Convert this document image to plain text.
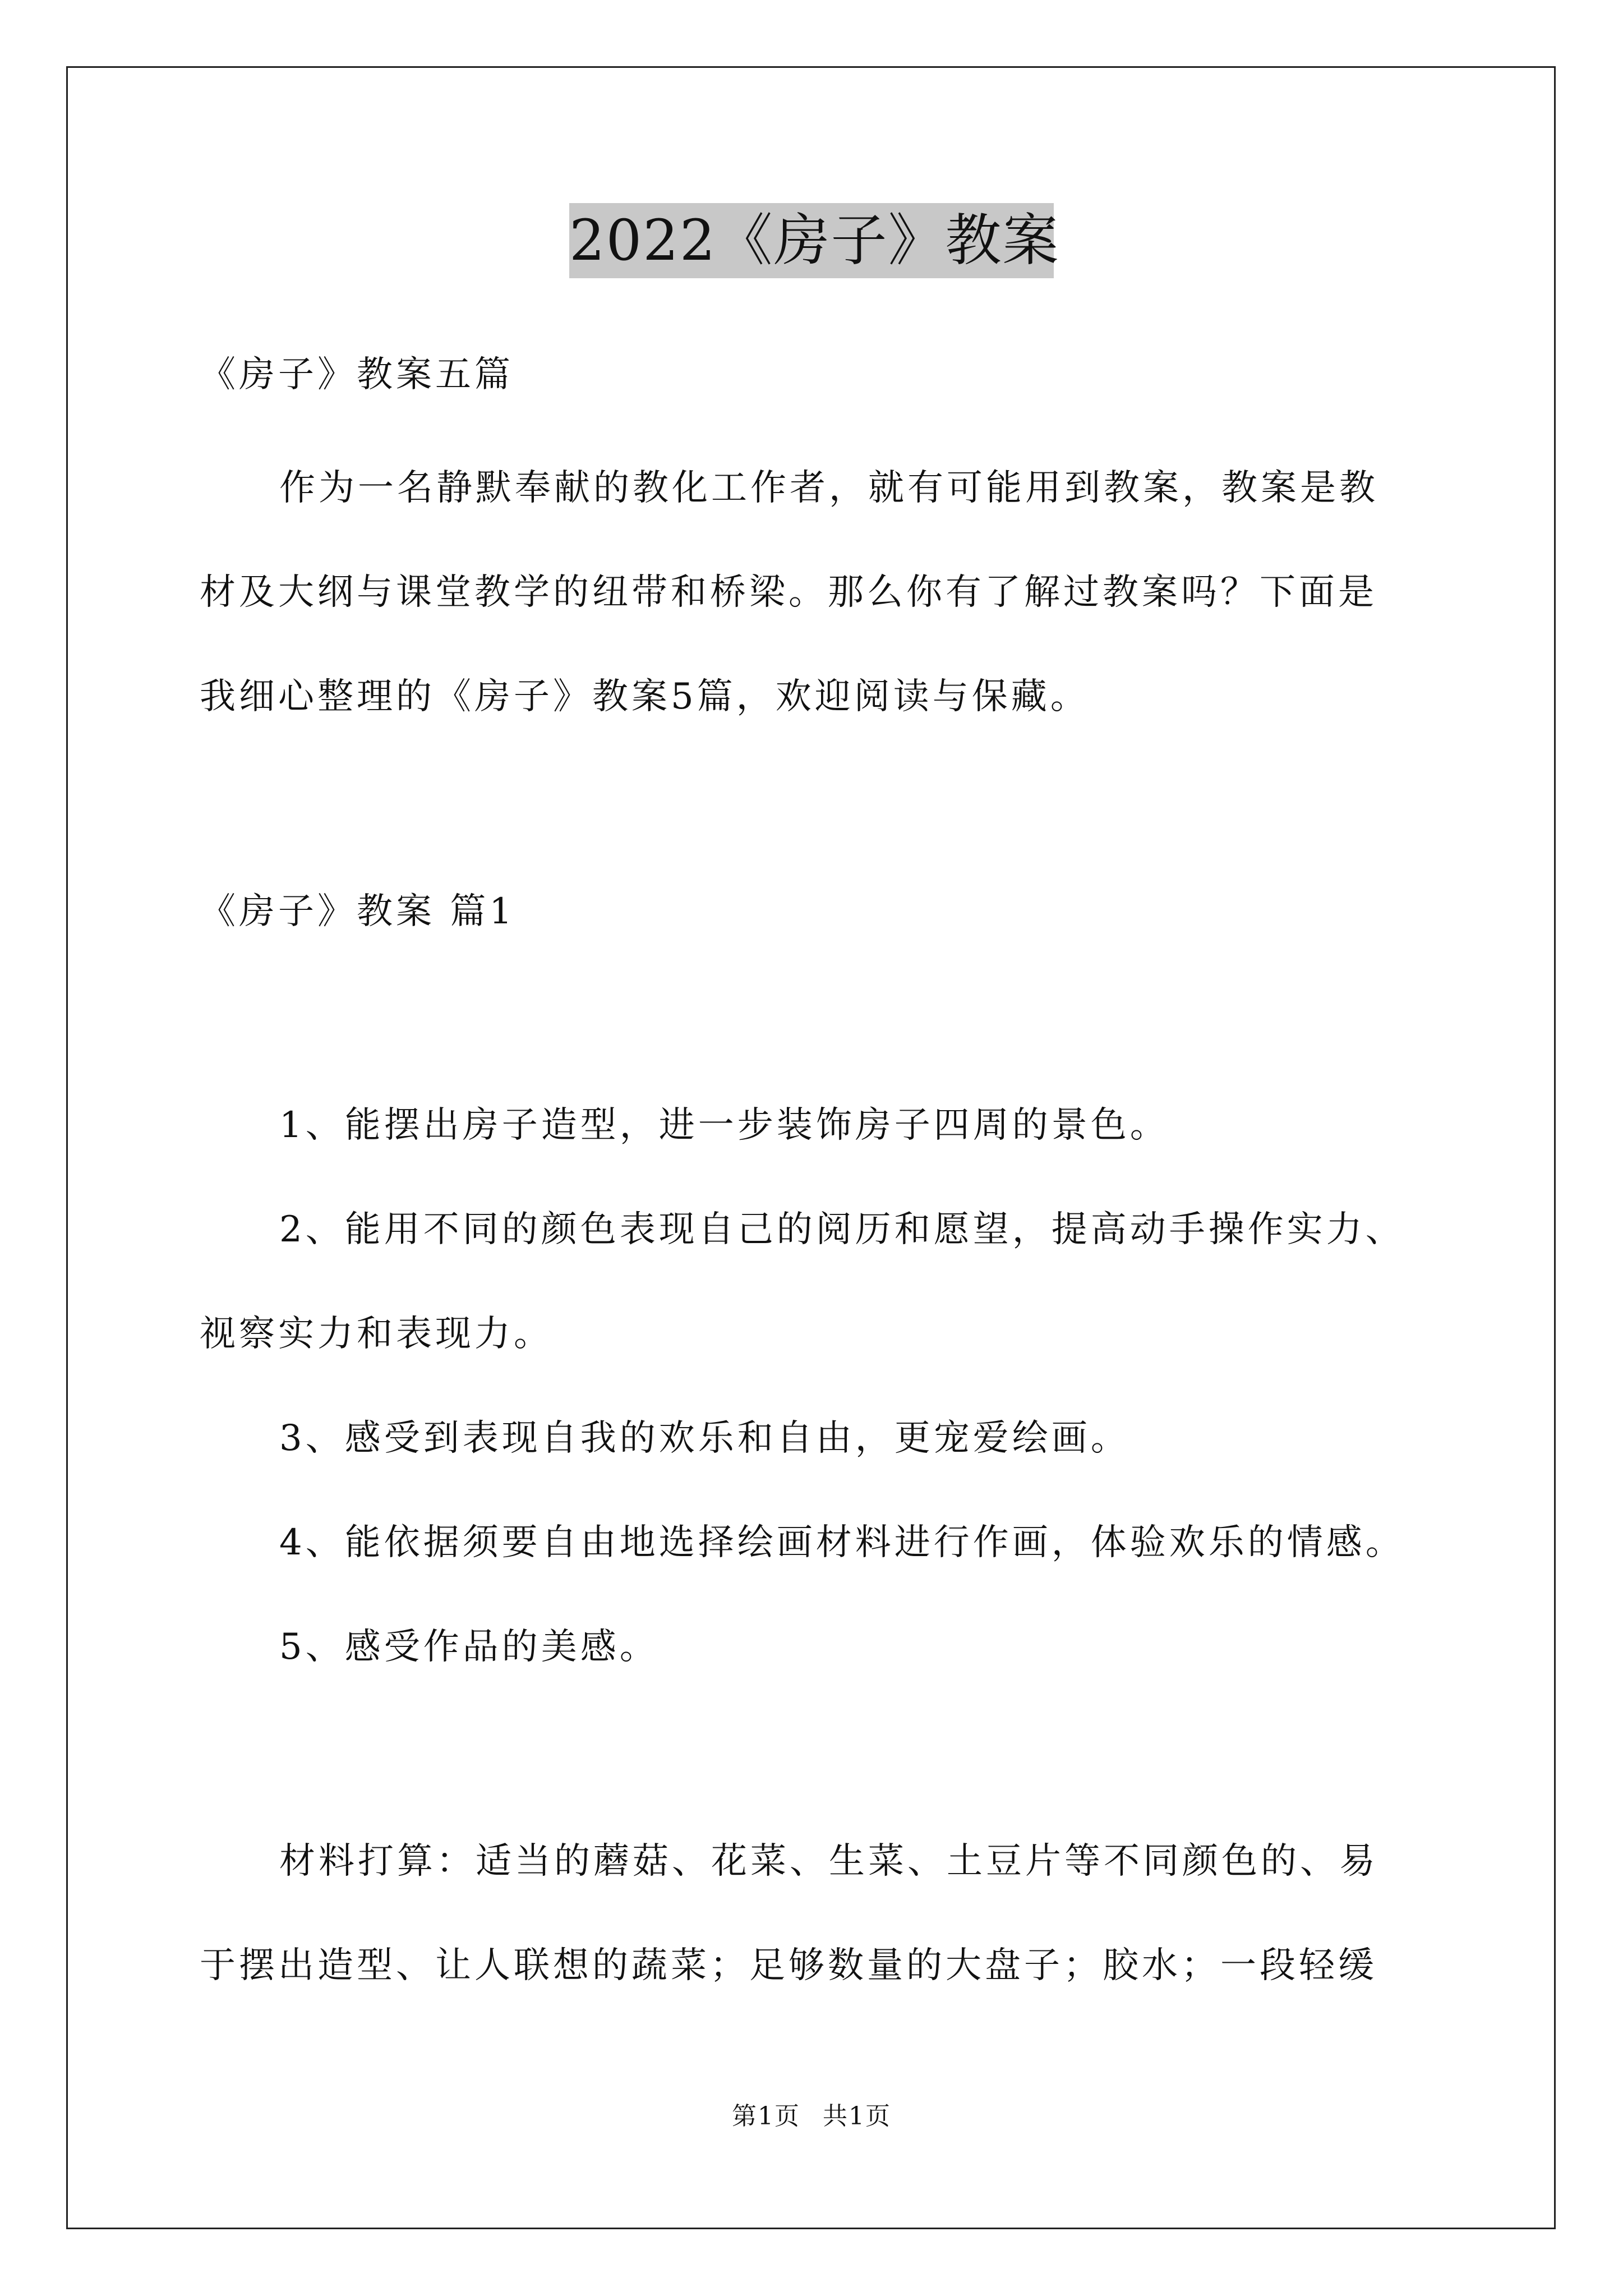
2022《房子》教案
《房子》教案五篇
作为一名静默奉献的教化工作者，就有可能用到教案，教案是教
材及大纲与课堂教学的纽带和桥梁。那么你有了解过教案吗？下面是
我细心整理的《房子》教案5篇，欢迎阅读与保藏。
《房子》教案 篇1
1、能摆出房子造型，进一步装饰房子四周的景色。
2、能用不同的颜色表现自己的阅历和愿望，提高动手操作实力、
视察实力和表现力。
3、感受到表现自我的欢乐和自由，更宠爱绘画。
4、能依据须要自由地选择绘画材料进行作画，体验欢乐的情感。
5、感受作品的美感。
材料打算：适当的蘑菇、花菜、生菜、土豆片等不同颜色的、易
于摆出造型、让人联想的蔬菜；足够数量的大盘子；胶水；一段轻缓
第1页 共1页
